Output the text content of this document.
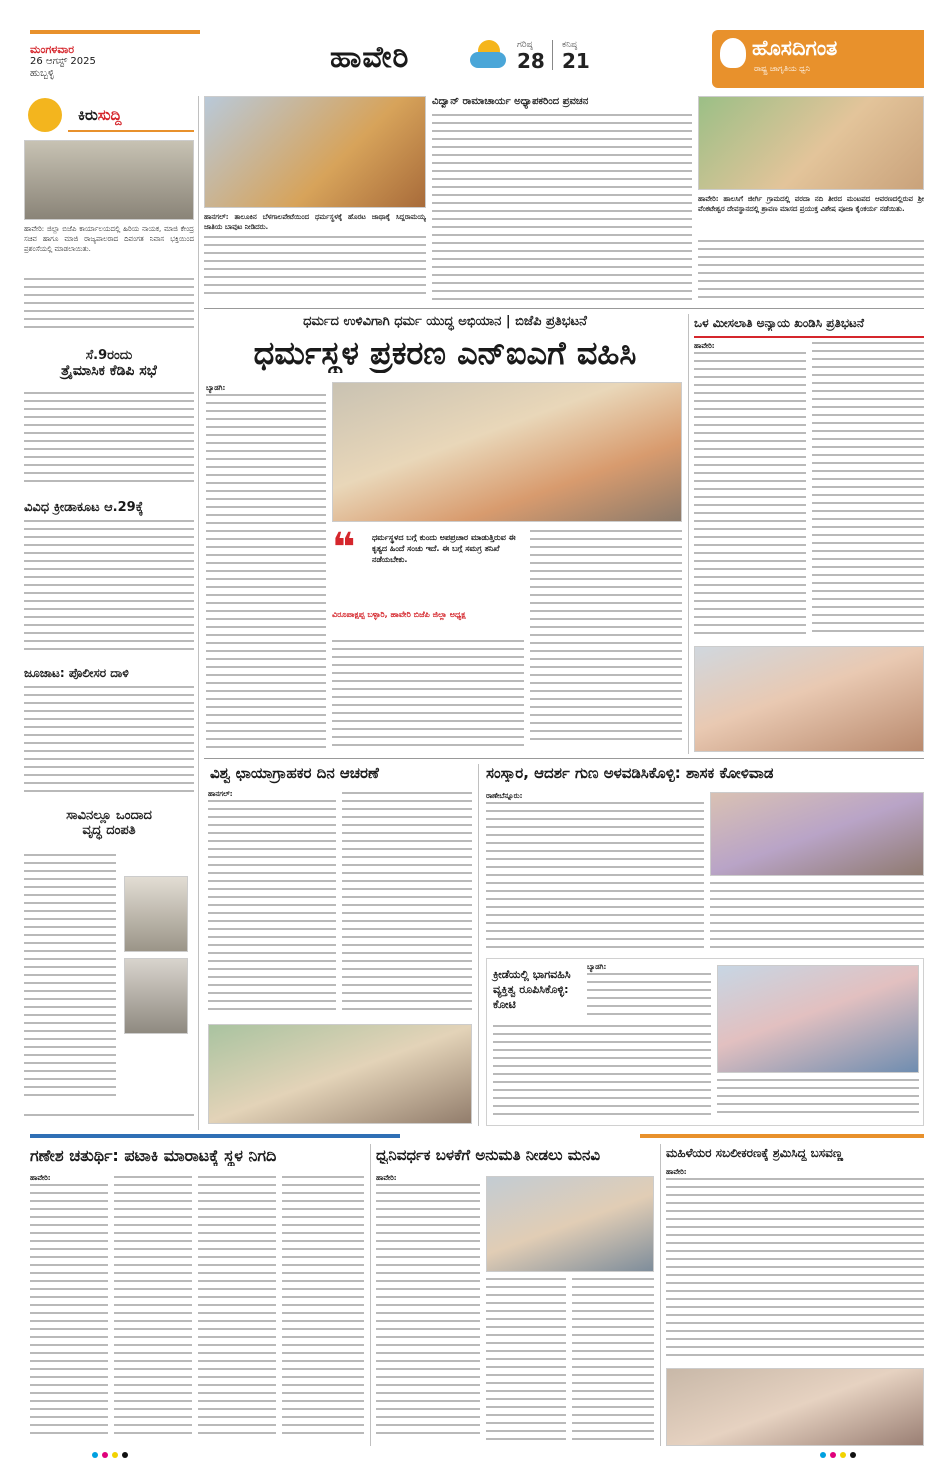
ಮಂಗಳವಾರ
26 ಆಗಸ್ಟ್ 2025
ಹುಬ್ಬಳ್ಳಿ	ಹಾವೇರಿ	ಗರಿಷ್ಠ
28
ಕನಿಷ್ಠ
21
ಹೊಸದಿಗಂತ
ರಾಷ್ಟ್ರ ಜಾಗೃತಿಯ ಧ್ವನಿ
ಕಿರುಸುದ್ದಿ
ಹಾವೇರಿ: ಜಿಲ್ಲಾ ಬಿಜೆಪಿ ಕಾರ್ಯಾಲಯದಲ್ಲಿ ಹಿರಿಯ ನಾಯಕ, ಮಾಜಿ ಕೇಂದ್ರ ಸಚಿವ ಹಾಗೂ ಮಾಜಿ ರಾಜ್ಯಪಾಲರಾದ ದಿವಂಗತ ನಿವಾಸ ಭಕ್ತಿಯಿಂದ ಪ್ರಶಂಸೆಯಲ್ಲಿ ಮಾಡಲಾಯಿತು.
ಸೆ.9ರಂದು
ತ್ರೈಮಾಸಿಕ ಕೆಡಿಪಿ ಸಭೆ
ವಿವಿಧ ಕ್ರೀಡಾಕೂಟ ಆ.29ಕ್ಕೆ
ಜೂಜಾಟ: ಪೊಲೀಸರ ದಾಳಿ
ಸಾವಿನಲ್ಲೂ ಒಂದಾದ
ವೃದ್ಧ ದಂಪತಿ
ಹಾನಗಲ್: ತಾಲೂಕಿನ ಬೆಳಗಾಲಪೇಟೆಯಿಂದ ಧರ್ಮಸ್ಥಳಕ್ಕೆ ಹೊರಟ ಜಾಥಾಕ್ಕೆ ಸಿದ್ದರಾಮಯ್ಯ ಜಾತಿಯ ಬಾವುಟ ನೀಡಿದರು.
ವಿದ್ವಾನ್ ರಾಮಾಚಾರ್ಯ ಅಧ್ಯಾಪಕರಿಂದ ಪ್ರವಚನ
ಹಾವೇರಿ: ಹಾಲಸಿಗೆ ಜೀರ್ಗಿ ಗ್ರಾಮದಲ್ಲಿ ವರದಾ ನದಿ ತೀರದ ಮಂಟಪದ ಆವರಣದಲ್ಲಿರುವ ಶ್ರೀ ವೆಂಕಟೇಶ್ವರ ದೇವಸ್ಥಾನದಲ್ಲಿ ಶ್ರಾವಣ ಮಾಸದ ಪ್ರಯುಕ್ತ ವಿಶೇಷ ಪೂಜಾ ಕೈಂಕರ್ಯ ನಡೆಯಿತು.
ಧರ್ಮದ ಉಳಿವಿಗಾಗಿ ಧರ್ಮ ಯುದ್ಧ ಅಭಿಯಾನ | ಬಿಜೆಪಿ ಪ್ರತಿಭಟನೆ
ಧರ್ಮಸ್ಥಳ ಪ್ರಕರಣ ಎನ್‌ಐಎಗೆ ವಹಿಸಿ
ಬ್ಯಾಡಗಿ:
❝ ಧರ್ಮಸ್ಥಳದ ಬಗ್ಗೆ ಕುಂದು ಅಪಪ್ರಚಾರ ಮಾಡುತ್ತಿರುವ ಈ ಕೃತ್ಯದ ಹಿಂದೆ ಸಂಚು ಇದೆ. ಈ ಬಗ್ಗೆ ಸಮಗ್ರ ತನಿಖೆ ನಡೆಯಬೇಕು.
ವಿರೂಪಾಕ್ಷಪ್ಪ ಬಳ್ಳಾರಿ, ಹಾವೇರಿ ಬಿಜೆಪಿ ಜಿಲ್ಲಾ ಅಧ್ಯಕ್ಷ
ಒಳ ಮೀಸಲಾತಿ ಅನ್ಯಾಯ ಖಂಡಿಸಿ ಪ್ರತಿಭಟನೆ
ಹಾವೇರಿ:
ವಿಶ್ವ ಛಾಯಾಗ್ರಾಹಕರ ದಿನ ಆಚರಣೆ
ಹಾನಗಲ್:
ಸಂಸ್ಕಾರ, ಆದರ್ಶ ಗುಣ ಅಳವಡಿಸಿಕೊಳ್ಳಿ: ಶಾಸಕ ಕೋಳಿವಾಡ
ರಾಣೇಬೆನ್ನೂರು:
ಕ್ರೀಡೆಯಲ್ಲಿ ಭಾಗವಹಿಸಿ ವ್ಯಕ್ತಿತ್ವ ರೂಪಿಸಿಕೊಳ್ಳಿ: ಕೋಟಿ
ಬ್ಯಾಡಗಿ:
ಗಣೇಶ ಚತುರ್ಥಿ: ಪಟಾಕಿ ಮಾರಾಟಕ್ಕೆ ಸ್ಥಳ ನಿಗದಿ
ಹಾವೇರಿ:
ಧ್ವನಿವರ್ಧಕ ಬಳಕೆಗೆ ಅನುಮತಿ ನೀಡಲು ಮನವಿ
ಹಾವೇರಿ:
ಮಹಿಳೆಯರ ಸಬಲೀಕರಣಕ್ಕೆ ಶ್ರಮಿಸಿದ್ದ ಬಸವಣ್ಣ
ಹಾವೇರಿ:
